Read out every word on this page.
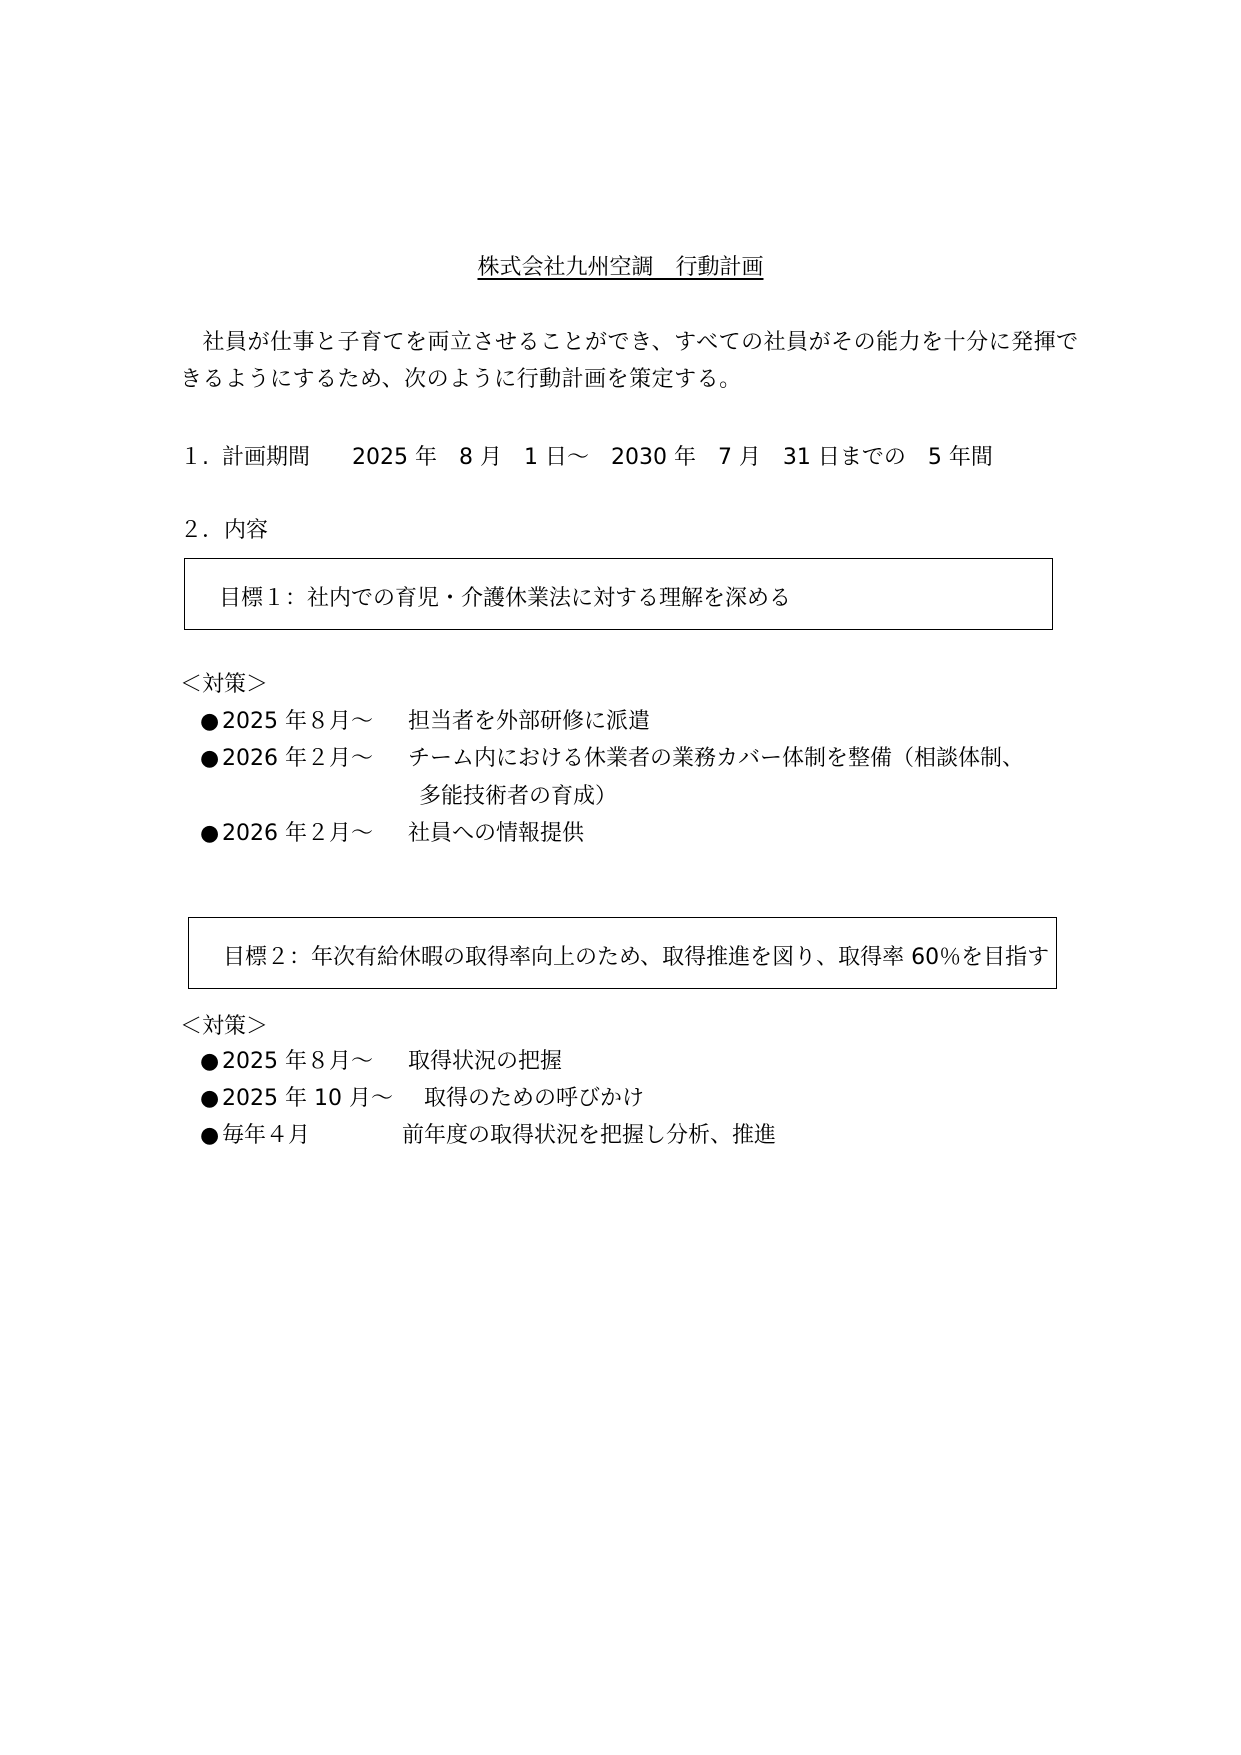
株式会社九州空調　行動計画
　社員が仕事と子育てを両立させることができ、すべての社員がその能力を十分に発揮で
きるようにするため、次のように行動計画を策定する。
１. 計画期間 2025 年　8 月　1 日～　2030 年　7 月　31 日までの　5 年間
２．内容
目標１：社内での育児・介護休業法に対する理解を深める
＜対策＞
● 2025 年８月～ 担当者を外部研修に派遣
● 2026 年２月～ チーム内における休業者の業務カバー体制を整備（相談体制、
多能技術者の育成）
● 2026 年２月～ 社員への情報提供
目標２：年次有給休暇の取得率向上のため、取得推進を図り、取得率 60％を目指す
＜対策＞
● 2025 年８月～ 取得状況の把握
● 2025 年 10 月～ 取得のための呼びかけ
● 毎年４月	前年度の取得状況を把握し分析、推進
